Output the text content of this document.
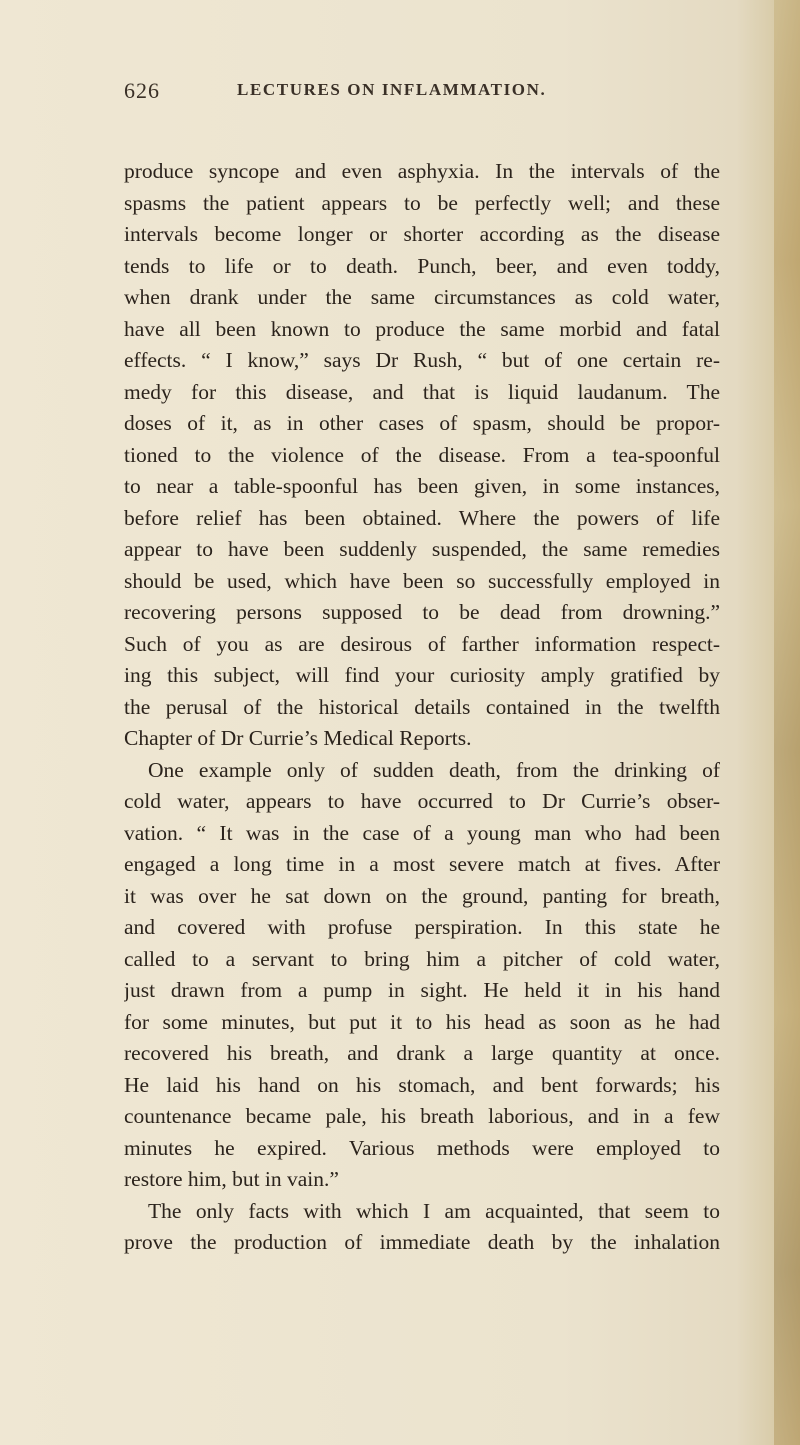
626	LECTURES ON INFLAMMATION.
produce syncope and even asphyxia. In the intervals of the
spasms the patient appears to be perfectly well; and these
intervals become longer or shorter according as the disease
tends to life or to death. Punch, beer, and even toddy,
when drank under the same circumstances as cold water,
have all been known to produce the same morbid and fatal
effects. “ I know,” says Dr Rush, “ but of one certain re-
medy for this disease, and that is liquid laudanum. The
doses of it, as in other cases of spasm, should be propor-
tioned to the violence of the disease. From a tea-spoonful
to near a table-spoonful has been given, in some instances,
before relief has been obtained. Where the powers of life
appear to have been suddenly suspended, the same remedies
should be used, which have been so successfully employed in
recovering persons supposed to be dead from drowning.”
Such of you as are desirous of farther information respect-
ing this subject, will find your curiosity amply gratified by
the perusal of the historical details contained in the twelfth
Chapter of Dr Currie’s Medical Reports.
One example only of sudden death, from the drinking of
cold water, appears to have occurred to Dr Currie’s obser-
vation. “ It was in the case of a young man who had been
engaged a long time in a most severe match at fives. After
it was over he sat down on the ground, panting for breath,
and covered with profuse perspiration. In this state he
called to a servant to bring him a pitcher of cold water,
just drawn from a pump in sight. He held it in his hand
for some minutes, but put it to his head as soon as he had
recovered his breath, and drank a large quantity at once.
He laid his hand on his stomach, and bent forwards; his
countenance became pale, his breath laborious, and in a few
minutes he expired. Various methods were employed to
restore him, but in vain.”
The only facts with which I am acquainted, that seem to
prove the production of immediate death by the inhalation
